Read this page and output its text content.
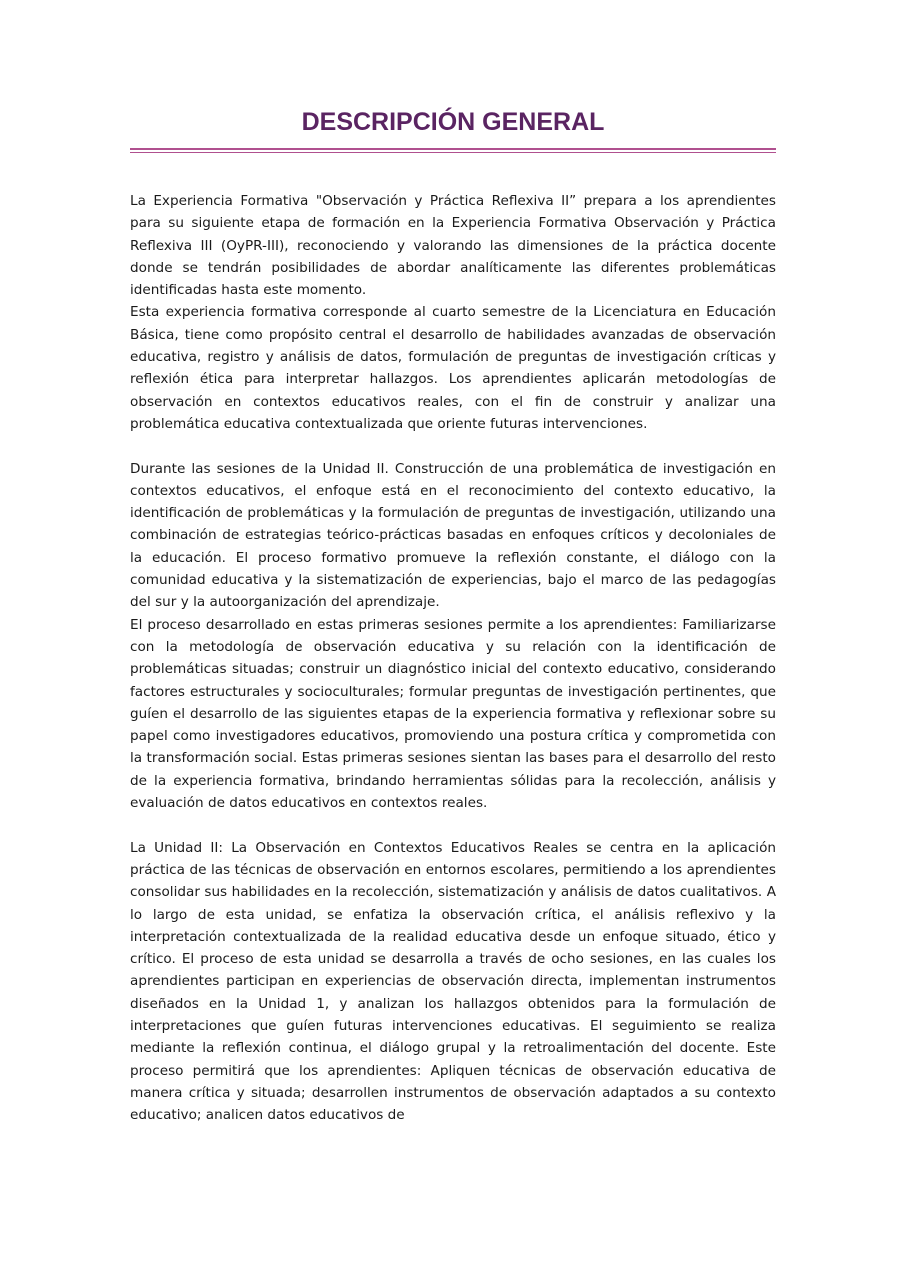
DESCRIPCIÓN GENERAL

La Experiencia Formativa "Observación y Práctica Reflexiva II” prepara a los aprendientes para su siguiente etapa de formación en la Experiencia Formativa Observación y Práctica Reflexiva III (OyPR-III), reconociendo y valorando las dimensiones de la práctica docente donde se tendrán posibilidades de abordar analíticamente las diferentes problemáticas identificadas hasta este momento.

Esta experiencia formativa corresponde al cuarto semestre de la Licenciatura en Educación Básica, tiene como propósito central el desarrollo de habilidades avanzadas de observación educativa, registro y análisis de datos, formulación de preguntas de investigación críticas y reflexión ética para interpretar hallazgos. Los aprendientes aplicarán metodologías de observación en contextos educativos reales, con el fin de construir y analizar una problemática educativa contextualizada que oriente futuras intervenciones.

Durante las sesiones de la Unidad II. Construcción de una problemática de investigación en contextos educativos, el enfoque está en el reconocimiento del contexto educativo, la identificación de problemáticas y la formulación de preguntas de investigación, utilizando una combinación de estrategias teórico-prácticas basadas en enfoques críticos y decoloniales de la educación. El proceso formativo promueve la reflexión constante, el diálogo con la comunidad educativa y la sistematización de experiencias, bajo el marco de las pedagogías del sur y la autoorganización del aprendizaje.

El proceso desarrollado en estas primeras sesiones permite a los aprendientes: Familiarizarse con la metodología de observación educativa y su relación con la identificación de problemáticas situadas; construir un diagnóstico inicial del contexto educativo, considerando factores estructurales y socioculturales; formular preguntas de investigación pertinentes, que guíen el desarrollo de las siguientes etapas de la experiencia formativa y reflexionar sobre su papel como investigadores educativos, promoviendo una postura crítica y comprometida con la transformación social. Estas primeras sesiones sientan las bases para el desarrollo del resto de la experiencia formativa, brindando herramientas sólidas para la recolección, análisis y evaluación de datos educativos en contextos reales.

La Unidad II: La Observación en Contextos Educativos Reales se centra en la aplicación práctica de las técnicas de observación en entornos escolares, permitiendo a los aprendientes consolidar sus habilidades en la recolección, sistematización y análisis de datos cualitativos. A lo largo de esta unidad, se enfatiza la observación crítica, el análisis reflexivo y la interpretación contextualizada de la realidad educativa desde un enfoque situado, ético y crítico. El proceso de esta unidad se desarrolla a través de ocho sesiones, en las cuales los aprendientes participan en experiencias de observación directa, implementan instrumentos diseñados en la Unidad 1, y analizan los hallazgos obtenidos para la formulación de interpretaciones que guíen futuras intervenciones educativas. El seguimiento se realiza mediante la reflexión continua, el diálogo grupal y la retroalimentación del docente. Este proceso permitirá que los aprendientes: Apliquen técnicas de observación educativa de manera crítica y situada; desarrollen instrumentos de observación adaptados a su contexto educativo; analicen datos educativos de
